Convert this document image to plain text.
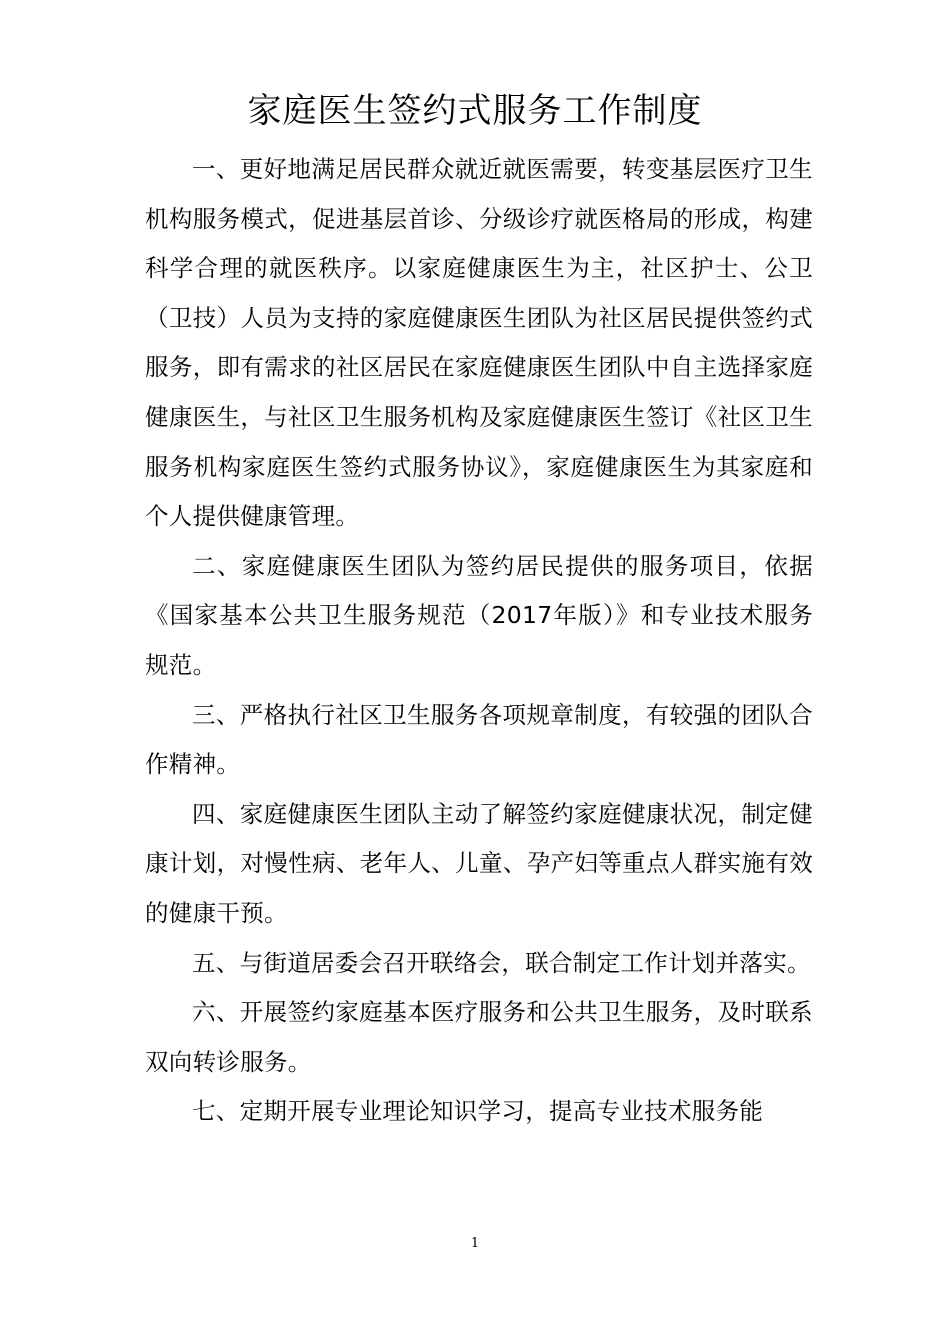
家庭医生签约式服务工作制度

一、更好地满足居民群众就近就医需要，转变基层医疗卫生机构服务模式，促进基层首诊、分级诊疗就医格局的形成，构建科学合理的就医秩序。以家庭健康医生为主，社区护士、公卫（卫技）人员为支持的家庭健康医生团队为社区居民提供签约式服务，即有需求的社区居民在家庭健康医生团队中自主选择家庭健康医生，与社区卫生服务机构及家庭健康医生签订《社区卫生服务机构家庭医生签约式服务协议》，家庭健康医生为其家庭和个人提供健康管理。

二、家庭健康医生团队为签约居民提供的服务项目，依据《国家基本公共卫生服务规范（2017年版）》和专业技术服务规范。

三、严格执行社区卫生服务各项规章制度，有较强的团队合作精神。

四、家庭健康医生团队主动了解签约家庭健康状况，制定健康计划，对慢性病、老年人、儿童、孕产妇等重点人群实施有效的健康干预。

五、与街道居委会召开联络会，联合制定工作计划并落实。

六、开展签约家庭基本医疗服务和公共卫生服务，及时联系双向转诊服务。

七、定期开展专业理论知识学习，提高专业技术服务能

1
